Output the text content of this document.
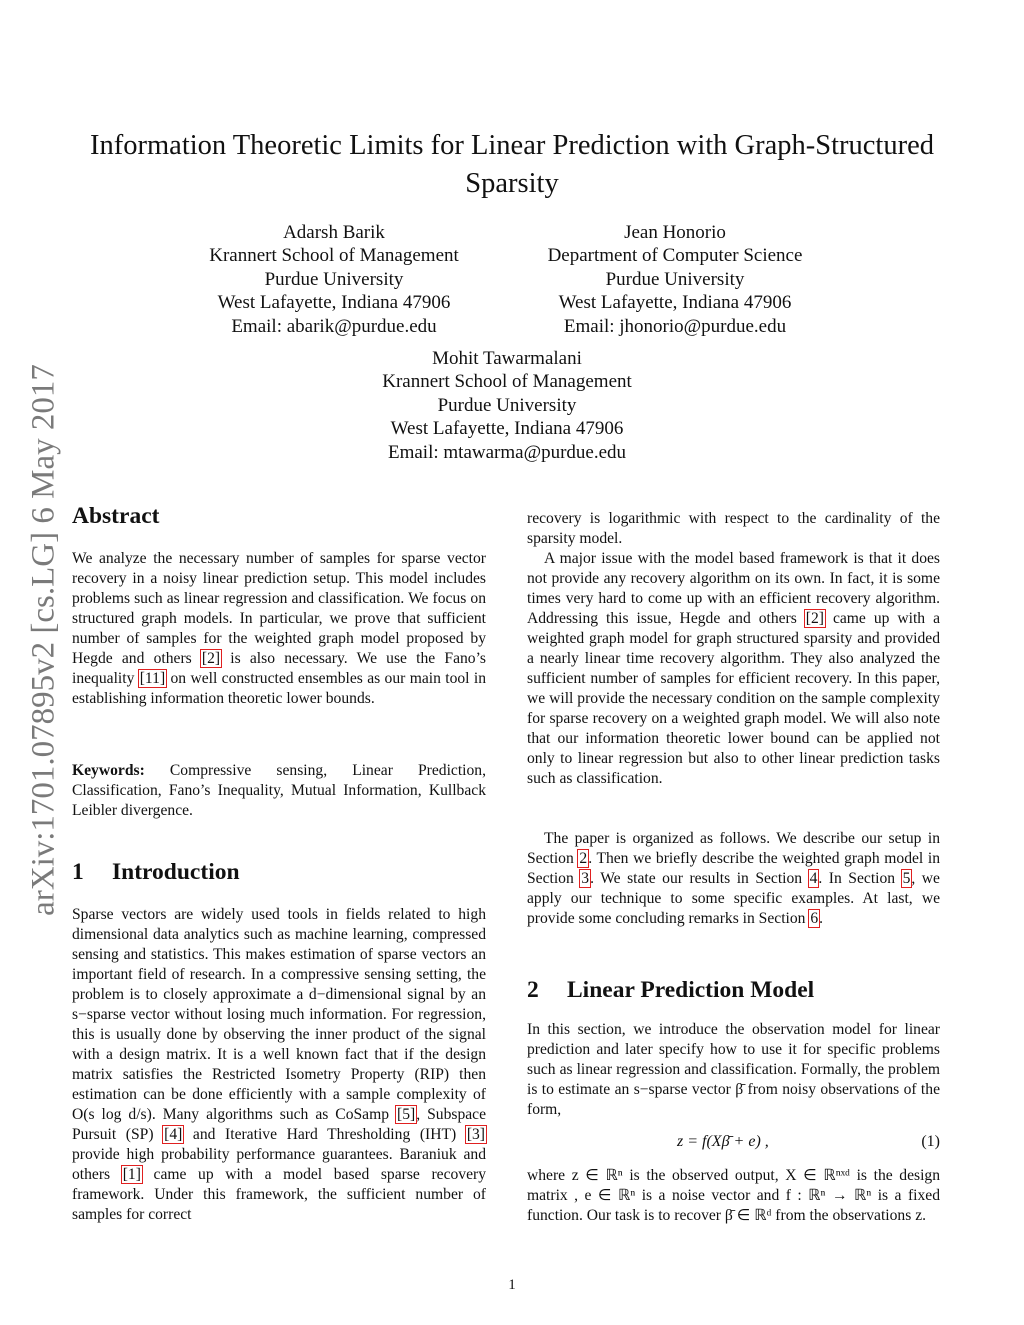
Information Theoretic Limits for Linear Prediction with Graph-Structured Sparsity
Adarsh Barik
Krannert School of Management
Purdue University
West Lafayette, Indiana 47906
Email: abarik@purdue.edu
Jean Honorio
Department of Computer Science
Purdue University
West Lafayette, Indiana 47906
Email: jhonorio@purdue.edu
Mohit Tawarmalani
Krannert School of Management
Purdue University
West Lafayette, Indiana 47906
Email: mtawarma@purdue.edu
arXiv:1701.07895v2 [cs.LG] 6 May 2017 Abstract

We analyze the necessary number of samples for sparse vector recovery in a noisy linear prediction setup. This model includes problems such as linear regression and classification. We focus on structured graph models. In particular, we prove that sufficient number of samples for the weighted graph model proposed by Hegde and others [2] is also necessary. We use the Fano’s inequality [11] on well constructed ensembles as our main tool in establishing information theoretic lower bounds.

Keywords: Compressive sensing, Linear Prediction, Classification, Fano’s Inequality, Mutual Information, Kullback Leibler divergence.

1 Introduction

Sparse vectors are widely used tools in fields related to high dimensional data analytics such as machine learning, compressed sensing and statistics. This makes estimation of sparse vectors an important field of research. In a compressive sensing setting, the problem is to closely approximate a d−dimensional signal by an s−sparse vector without losing much information. For regression, this is usually done by observing the inner product of the signal with a design matrix. It is a well known fact that if the design matrix satisfies the Restricted Isometry Property (RIP) then estimation can be done efficiently with a sample complexity of O(s log d/s). Many algorithms such as CoSamp [5], Subspace Pursuit (SP) [4] and Iterative Hard Thresholding (IHT) [3] provide high probability performance guarantees. Baraniuk and others [1] came up with a model based sparse recovery framework. Under this framework, the sufficient number of samples for correct

recovery is logarithmic with respect to the cardinality of the sparsity model.

A major issue with the model based framework is that it does not provide any recovery algorithm on its own. In fact, it is some times very hard to come up with an efficient recovery algorithm. Addressing this issue, Hegde and others [2] came up with a weighted graph model for graph structured sparsity and provided a nearly linear time recovery algorithm. They also analyzed the sufficient number of samples for efficient recovery. In this paper, we will provide the necessary condition on the sample complexity for sparse recovery on a weighted graph model. We will also note that our information theoretic lower bound can be applied not only to linear regression but also to other linear prediction tasks such as classification.

The paper is organized as follows. We describe our setup in Section 2. Then we briefly describe the weighted graph model in Section 3. We state our results in Section 4. In Section 5, we apply our technique to some specific examples. At last, we provide some concluding remarks in Section 6.

2 Linear Prediction Model

In this section, we introduce the observation model for linear prediction and later specify how to use it for specific problems such as linear regression and classification. Formally, the problem is to estimate an s−sparse vector β̄ from noisy observations of the form,

z = f(Xβ̄ + e) ,	(1)

where z ∈ ℝⁿ is the observed output, X ∈ ℝⁿˣᵈ is the design matrix , e ∈ ℝⁿ is a noise vector and f : ℝⁿ → ℝⁿ is a fixed function. Our task is to recover β̄ ∈ ℝᵈ from the observations z.

1
